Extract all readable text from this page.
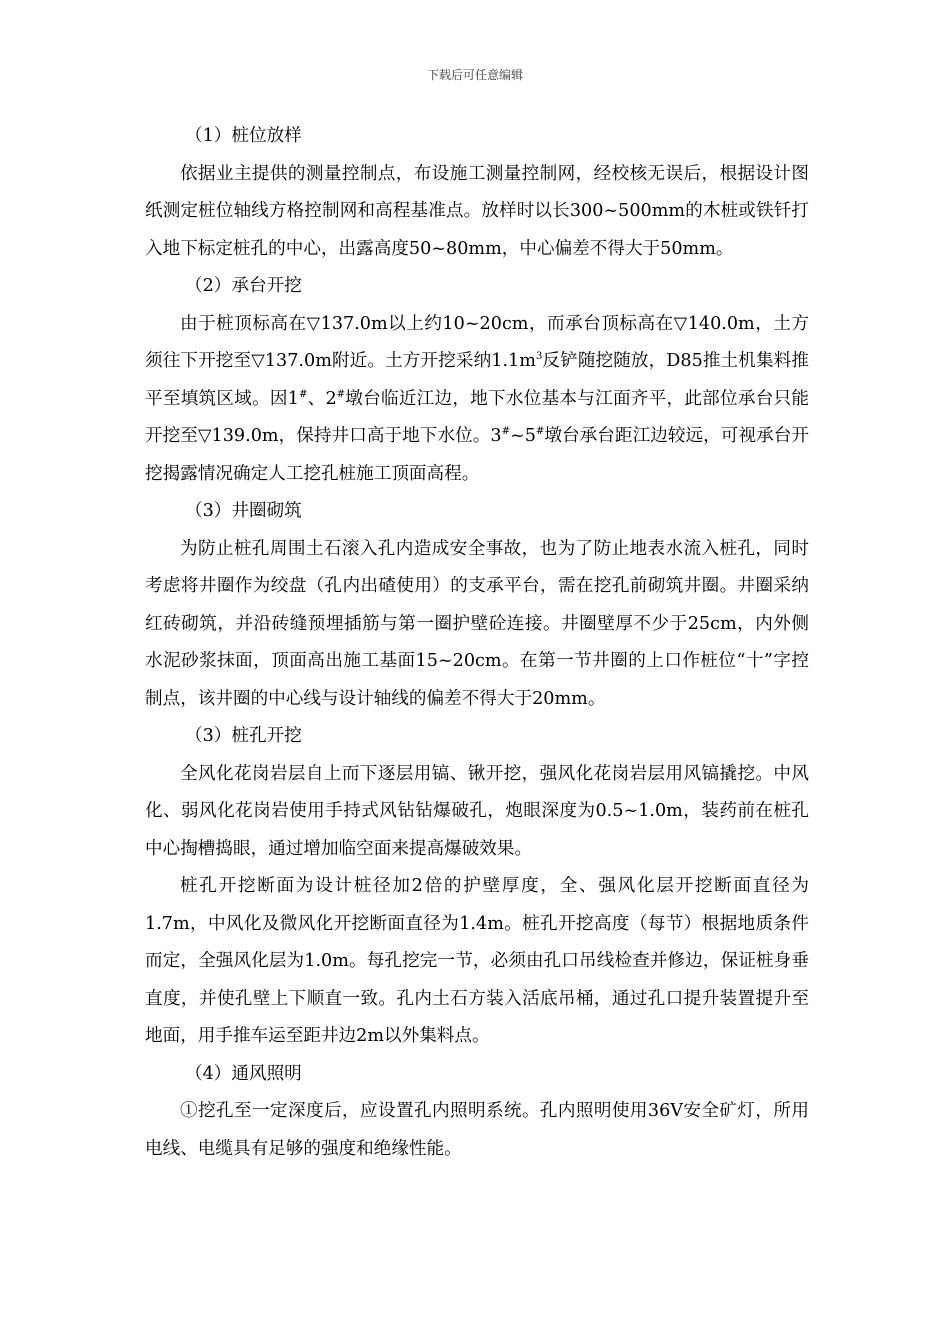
下载后可任意编辑

（1）桩位放样

依据业主提供的测量控制点，布设施工测量控制网，经校核无误后，根据设计图纸测定桩位轴线方格控制网和高程基准点。放样时以长300~500mm的木桩或铁钎打入地下标定桩孔的中心，出露高度50~80mm，中心偏差不得大于50mm。

（2）承台开挖

由于桩顶标高在▽137.0m以上约10~20cm，而承台顶标高在▽140.0m，土方须往下开挖至▽137.0m附近。土方开挖采纳$1.1m^3$反铲随挖随放，D85推土机集料推平至填筑区域。因1#、2#墩台临近江边，地下水位基本与江面齐平，此部位承台只能开挖至▽139.0m，保持井口高于地下水位。3#~5#墩台承台距江边较远，可视承台开挖揭露情况确定人工挖孔桩施工顶面高程。

（3）井圈砌筑

为防止桩孔周围土石滚入孔内造成安全事故，也为了防止地表水流入桩孔，同时考虑将井圈作为绞盘（孔内出碴使用）的支承平台，需在挖孔前砌筑井圈。井圈采纳红砖砌筑，并沿砖缝预埋插筋与第一圈护壁砼连接。井圈壁厚不少于25cm，内外侧水泥砂浆抹面，顶面高出施工基面15~20cm。在第一节井圈的上口作桩位“十”字控制点，该井圈的中心线与设计轴线的偏差不得大于20mm。

（3）桩孔开挖

全风化花岗岩层自上而下逐层用镐、锹开挖，强风化花岗岩层用风镐撬挖。中风化、弱风化花岗岩使用手持式风钻钻爆破孔，炮眼深度为0.5~1.0m，装药前在桩孔中心掏槽捣眼，通过增加临空面来提高爆破效果。

桩孔开挖断面为设计桩径加2倍的护壁厚度，全、强风化层开挖断面直径为1.7m，中风化及微风化开挖断面直径为1.4m。桩孔开挖高度（每节）根据地质条件而定，全强风化层为1.0m。每孔挖完一节，必须由孔口吊线检查并修边，保证桩身垂直度，并使孔壁上下顺直一致。孔内土石方装入活底吊桶，通过孔口提升装置提升至地面，用手推车运至距井边2m以外集料点。

（4）通风照明

①挖孔至一定深度后，应设置孔内照明系统。孔内照明使用36V安全矿灯，所用电线、电缆具有足够的强度和绝缘性能。
